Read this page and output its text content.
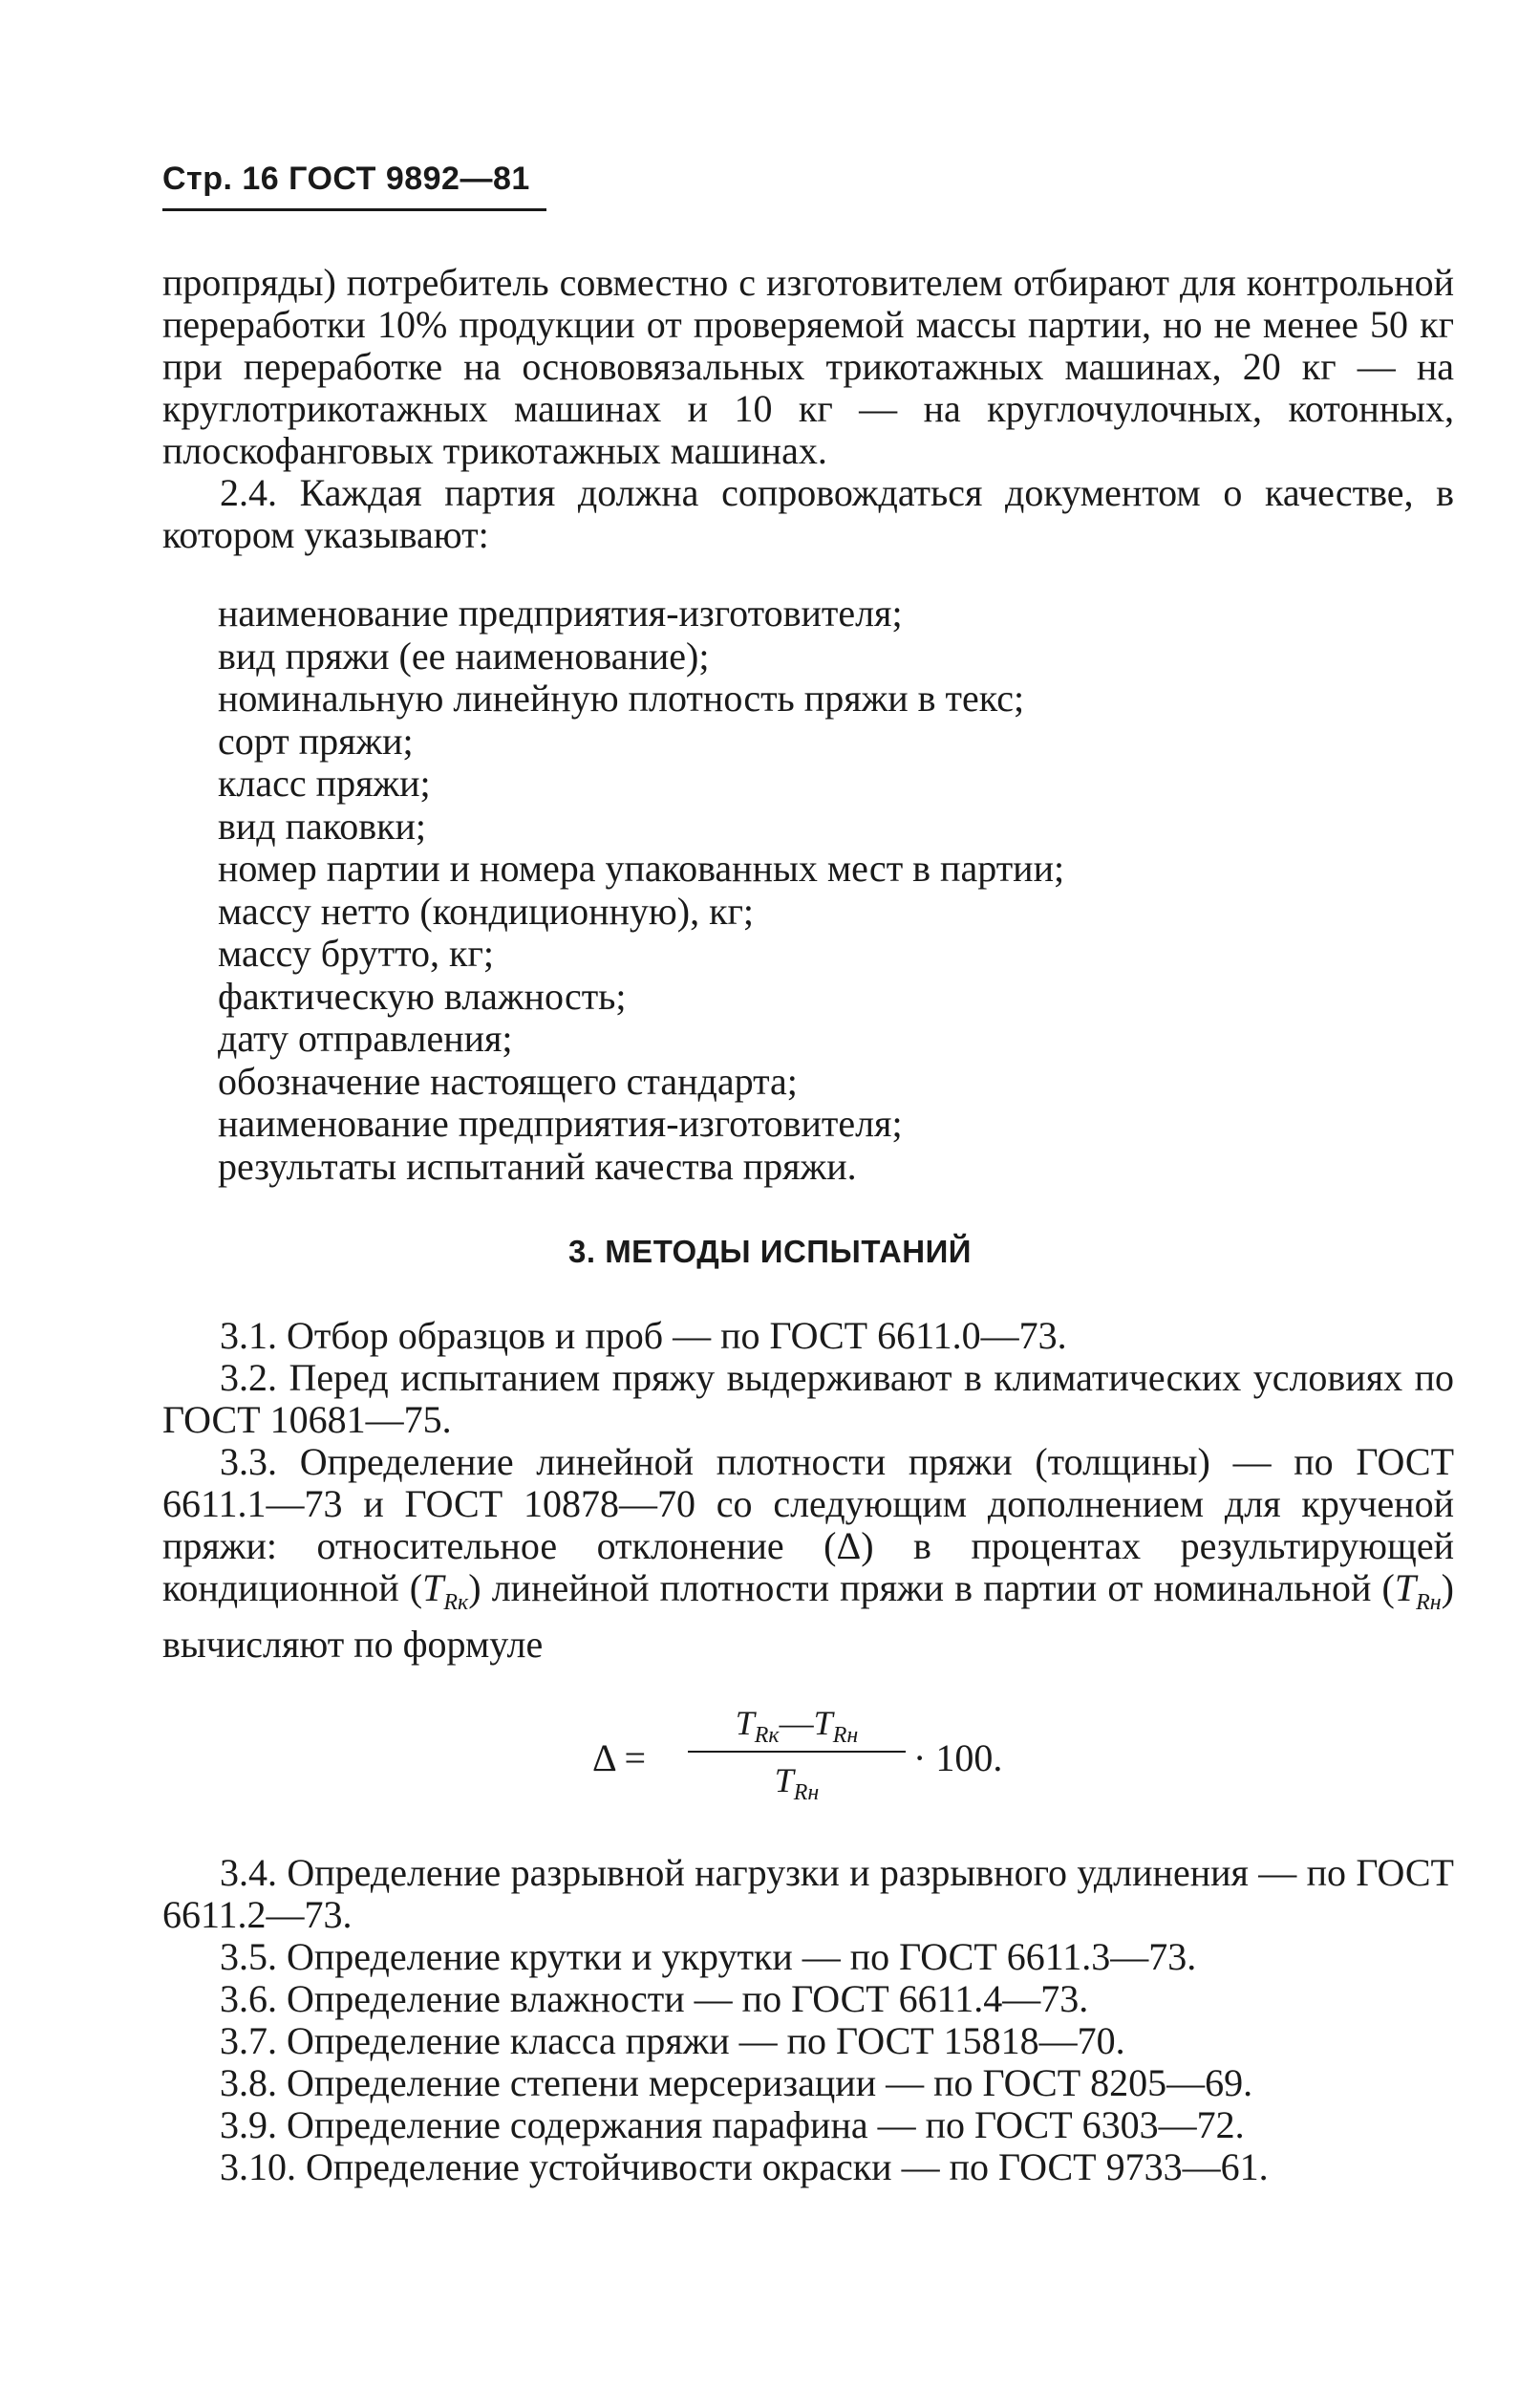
Стр. 16 ГОСТ 9892—81

пропряды) потребитель совместно с изготовителем отбирают для контрольной переработки 10% продукции от проверяемой массы партии, но не менее 50 кг при переработке на основовязальных трикотажных машинах, 20 кг — на круглотрикотажных машинах и 10 кг — на круглочулочных, котонных, плоскофанговых трикотажных машинах.

2.4. Каждая партия должна сопровождаться документом о качестве, в котором указывают:

наименование предприятия-изготовителя;
вид пряжи (ее наименование);
номинальную линейную плотность пряжи в текс;
сорт пряжи;
класс пряжи;
вид паковки;
номер партии и номера упакованных мест в партии;
массу нетто (кондиционную), кг;
массу брутто, кг;
фактическую влажность;
дату отправления;
обозначение настоящего стандарта;
наименование предприятия-изготовителя;
результаты испытаний качества пряжи.
3. МЕТОДЫ ИСПЫТАНИЙ

3.1. Отбор образцов и проб — по ГОСТ 6611.0—73.

3.2. Перед испытанием пряжу выдерживают в климатических условиях по ГОСТ 10681—75.

3.3. Определение линейной плотности пряжи (толщины) — по ГОСТ 6611.1—73 и ГОСТ 10878—70 со следующим дополнением для крученой пряжи: относительное отклонение (Δ) в процентах результирующей кондиционной $(T_{Rк})$ линейной плотности пряжи в партии от номинальной $(T_{Rн})$ вычисляют по формуле

Δ =
$T_{Rк}—T_{Rн}$
$T_{Rн}$
· 100.

3.4. Определение разрывной нагрузки и разрывного удлинения — по ГОСТ 6611.2—73.

3.5. Определение крутки и укрутки — по ГОСТ 6611.3—73.

3.6. Определение влажности — по ГОСТ 6611.4—73.

3.7. Определение класса пряжи — по ГОСТ 15818—70.

3.8. Определение степени мерсеризации — по ГОСТ 8205—69.

3.9. Определение содержания парафина — по ГОСТ 6303—72.

3.10. Определение устойчивости окраски — по ГОСТ 9733—61.
